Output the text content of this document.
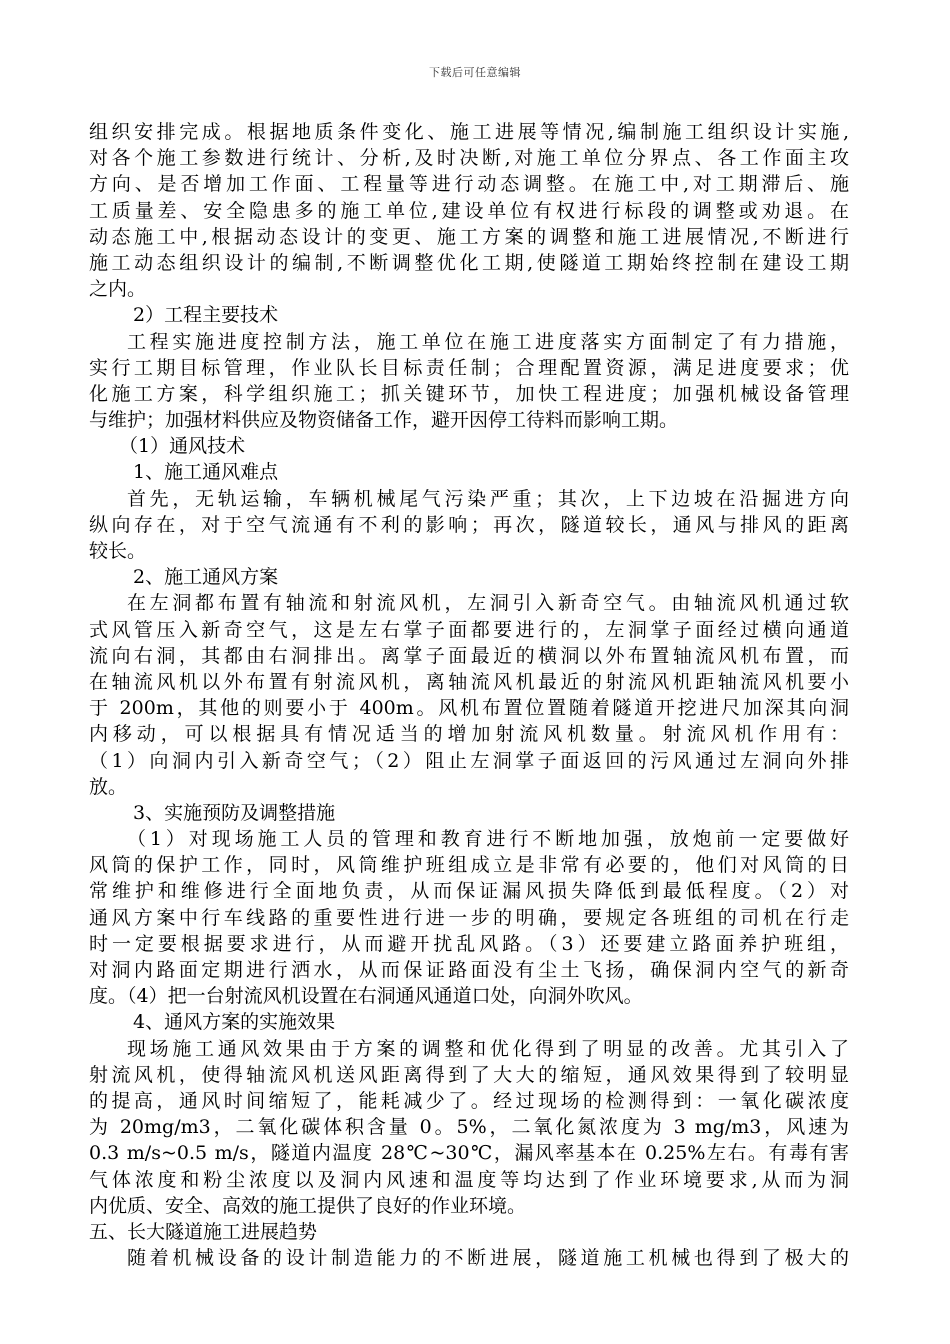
下载后可任意编辑
组织安排完成。根据地质条件变化、施工进展等情况,编制施工组织设计实施,
对各个施工参数进行统计、分析,及时决断,对施工单位分界点、各工作面主攻
方向、是否增加工作面、工程量等进行动态调整。在施工中,对工期滞后、施
工质量差、安全隐患多的施工单位,建设单位有权进行标段的调整或劝退。在
动态施工中,根据动态设计的变更、施工方案的调整和施工进展情况,不断进行
施工动态组织设计的编制,不断调整优化工期,使隧道工期始终控制在建设工期
之内。
2）工程主要技术
工程实施进度控制方法，施工单位在施工进度落实方面制定了有力措施，
实行工期目标管理，作业队长目标责任制；合理配置资源，满足进度要求；优
化施工方案，科学组织施工；抓关键环节，加快工程进度；加强机械设备管理
与维护；加强材料供应及物资储备工作，避开因停工待料而影响工期。
（1）通风技术
1、施工通风难点
首先，无轨运输，车辆机械尾气污染严重；其次，上下边坡在沿掘进方向
纵向存在，对于空气流通有不利的影响；再次，隧道较长，通风与排风的距离
较长。
2、施工通风方案
在左洞都布置有轴流和射流风机，左洞引入新奇空气。由轴流风机通过软
式风管压入新奇空气，这是左右掌子面都要进行的，左洞掌子面经过横向通道
流向右洞，其都由右洞排出。离掌子面最近的横洞以外布置轴流风机布置，而
在轴流风机以外布置有射流风机，离轴流风机最近的射流风机距轴流风机要小
于 200m，其他的则要小于 400m。风机布置位置随着隧道开挖进尺加深其向洞
内移动，可以根据具有情况适当的增加射流风机数量。射流风机作用有：
（1）向洞内引入新奇空气；（2）阻止左洞掌子面返回的污风通过左洞向外排
放。
3、实施预防及调整措施
（1）对现场施工人员的管理和教育进行不断地加强，放炮前一定要做好
风筒的保护工作，同时，风筒维护班组成立是非常有必要的，他们对风筒的日
常维护和维修进行全面地负责，从而保证漏风损失降低到最低程度。（2）对
通风方案中行车线路的重要性进行进一步的明确，要规定各班组的司机在行走
时一定要根据要求进行，从而避开扰乱风路。（3）还要建立路面养护班组，
对洞内路面定期进行洒水，从而保证路面没有尘土飞扬，确保洞内空气的新奇
度。（4）把一台射流风机设置在右洞通风通道口处，向洞外吹风。
4、通风方案的实施效果
现场施工通风效果由于方案的调整和优化得到了明显的改善。尤其引入了
射流风机，使得轴流风机送风距离得到了大大的缩短，通风效果得到了较明显
的提高，通风时间缩短了，能耗减少了。经过现场的检测得到：一氧化碳浓度
为 20mg/m3，二氧化碳体积含量 0。5%，二氧化氮浓度为 3 mg/m3，风速为
0.3 m/s~0.5 m/s，隧道内温度 28℃~30℃，漏风率基本在 0.25%左右。有毒有害
气体浓度和粉尘浓度以及洞内风速和温度等均达到了作业环境要求,从而为洞
内优质、安全、高效的施工提供了良好的作业环境。
五、长大隧道施工进展趋势
随着机械设备的设计制造能力的不断进展，隧道施工机械也得到了极大的
